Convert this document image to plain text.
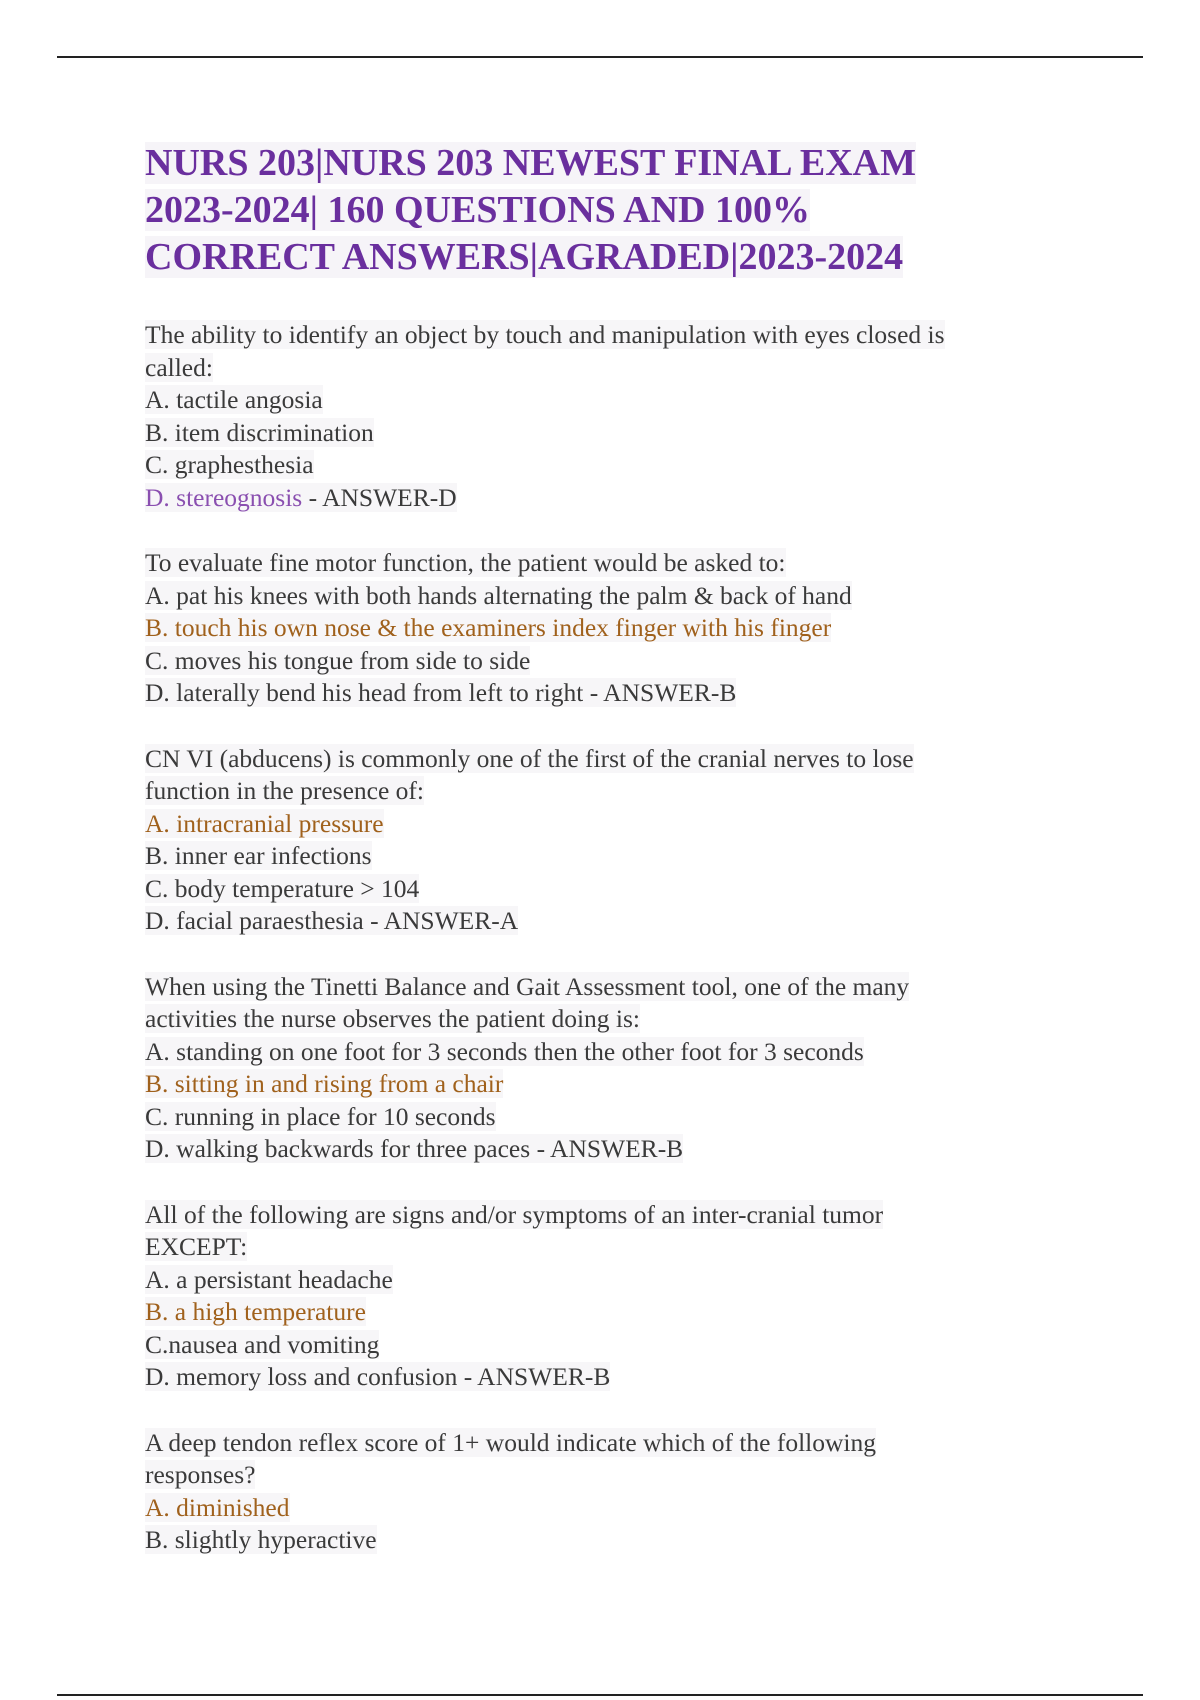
NURS 203|NURS 203 NEWEST FINAL EXAM
2023-2024| 160 QUESTIONS AND 100%
CORRECT ANSWERS|AGRADED|2023-2024
The ability to identify an object by touch and manipulation with eyes closed is
called:
A. tactile angosia
B. item discrimination
C. graphesthesia
D. stereognosis - ANSWER-D
To evaluate fine motor function, the patient would be asked to:
A. pat his knees with both hands alternating the palm & back of hand
B. touch his own nose & the examiners index finger with his finger
C. moves his tongue from side to side
D. laterally bend his head from left to right - ANSWER-B
CN VI (abducens) is commonly one of the first of the cranial nerves to lose
function in the presence of:
A. intracranial pressure
B. inner ear infections
C. body temperature > 104
D. facial paraesthesia - ANSWER-A
When using the Tinetti Balance and Gait Assessment tool, one of the many
activities the nurse observes the patient doing is:
A. standing on one foot for 3 seconds then the other foot for 3 seconds
B. sitting in and rising from a chair
C. running in place for 10 seconds
D. walking backwards for three paces - ANSWER-B
All of the following are signs and/or symptoms of an inter-cranial tumor
EXCEPT:
A. a persistant headache
B. a high temperature
C.nausea and vomiting
D. memory loss and confusion - ANSWER-B
A deep tendon reflex score of 1+ would indicate which of the following
responses?
A. diminished
B. slightly hyperactive
